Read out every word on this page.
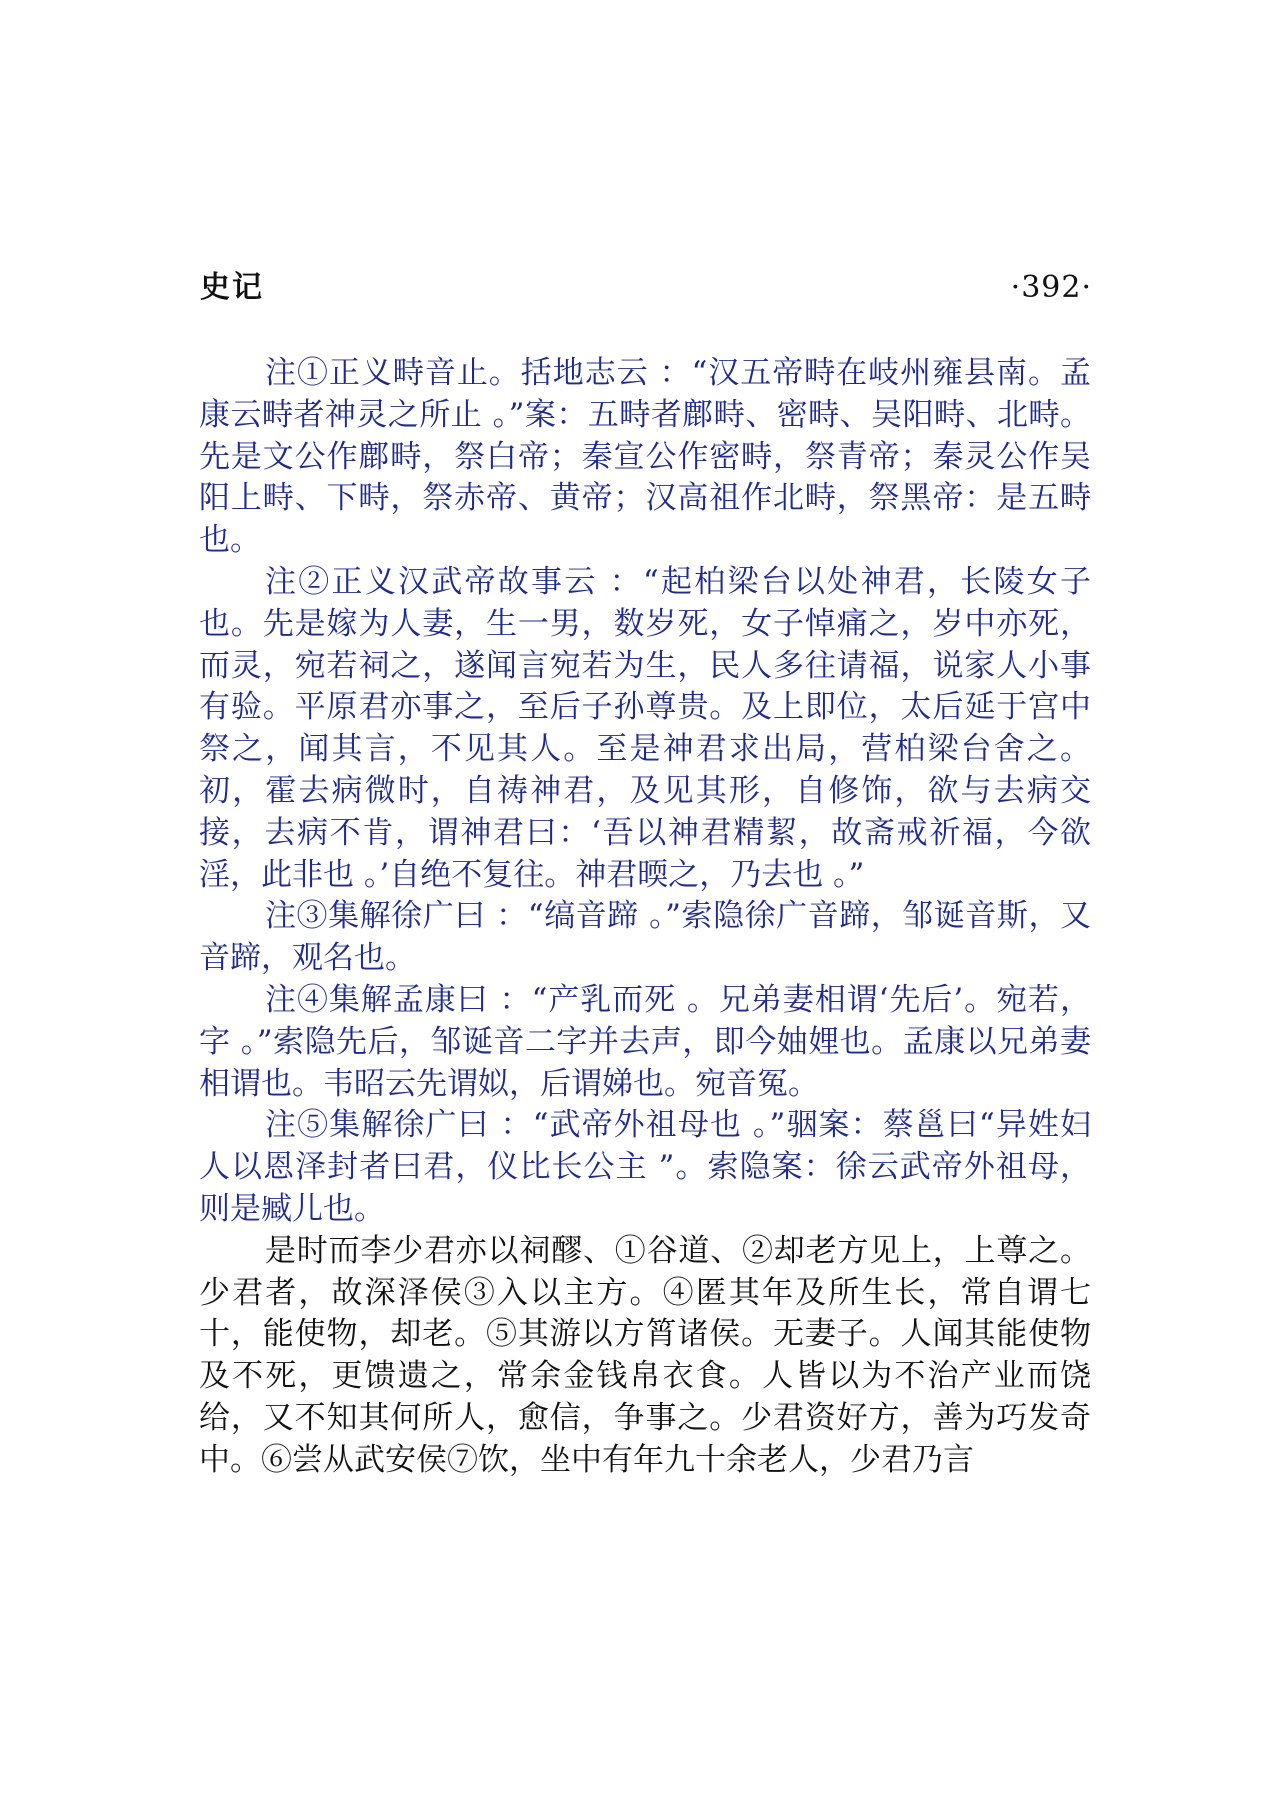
史记	·392·

注①正义畤音止。括地志云 ：“汉五帝畤在岐州雍县南。孟康云畤者神灵之所止 。”案：五畤者鄜畤、密畤、吴阳畤、北畤。先是文公作鄜畤，祭白帝；秦宣公作密畤，祭青帝；秦灵公作吴阳上畤、下畤，祭赤帝、黄帝；汉高祖作北畤，祭黑帝：是五畤也。

注②正义汉武帝故事云 ：“起柏梁台以处神君，长陵女子也。先是嫁为人妻，生一男，数岁死，女子悼痛之，岁中亦死，而灵，宛若祠之，遂闻言宛若为生，民人多往请福，说家人小事有验。平原君亦事之，至后子孙尊贵。及上即位，太后延于宫中祭之，闻其言，不见其人。至是神君求出局，营柏梁台舍之。初，霍去病微时，自祷神君，及见其形，自修饰，欲与去病交接，去病不肯，谓神君曰：‘吾以神君精絜，故斋戒祈福，今欲淫，此非也 。’自绝不复往。神君㬉之，乃去也 。”

注③集解徐广曰 ：“缟音蹄 。”索隐徐广音蹄，邹诞音斯，又音蹄，观名也。

注④集解孟康曰 ：“产乳而死 。兄弟妻相谓‘先后’。宛若，字 。”索隐先后，邹诞音二字并去声，即今妯娌也。孟康以兄弟妻相谓也。韦昭云先谓姒，后谓娣也。宛音冤。

注⑤集解徐广曰 ：“武帝外祖母也 。”骃案：蔡邕曰“异姓妇人以恩泽封者曰君，仪比长公主 ”。索隐案：徐云武帝外祖母，则是臧儿也。

是时而李少君亦以祠醪、①谷道、②却老方见上，上尊之。少君者，故深泽侯③入以主方。④匿其年及所生长，常自谓七十，能使物，却老。⑤其游以方筲诸侯。无妻子。人闻其能使物及不死，更馈遗之，常余金钱帛衣食。人皆以为不治产业而饶给，又不知其何所人，愈信，争事之。少君资好方，善为巧发奇中。⑥尝从武安侯⑦饮，坐中有年九十余老人，少君乃言
